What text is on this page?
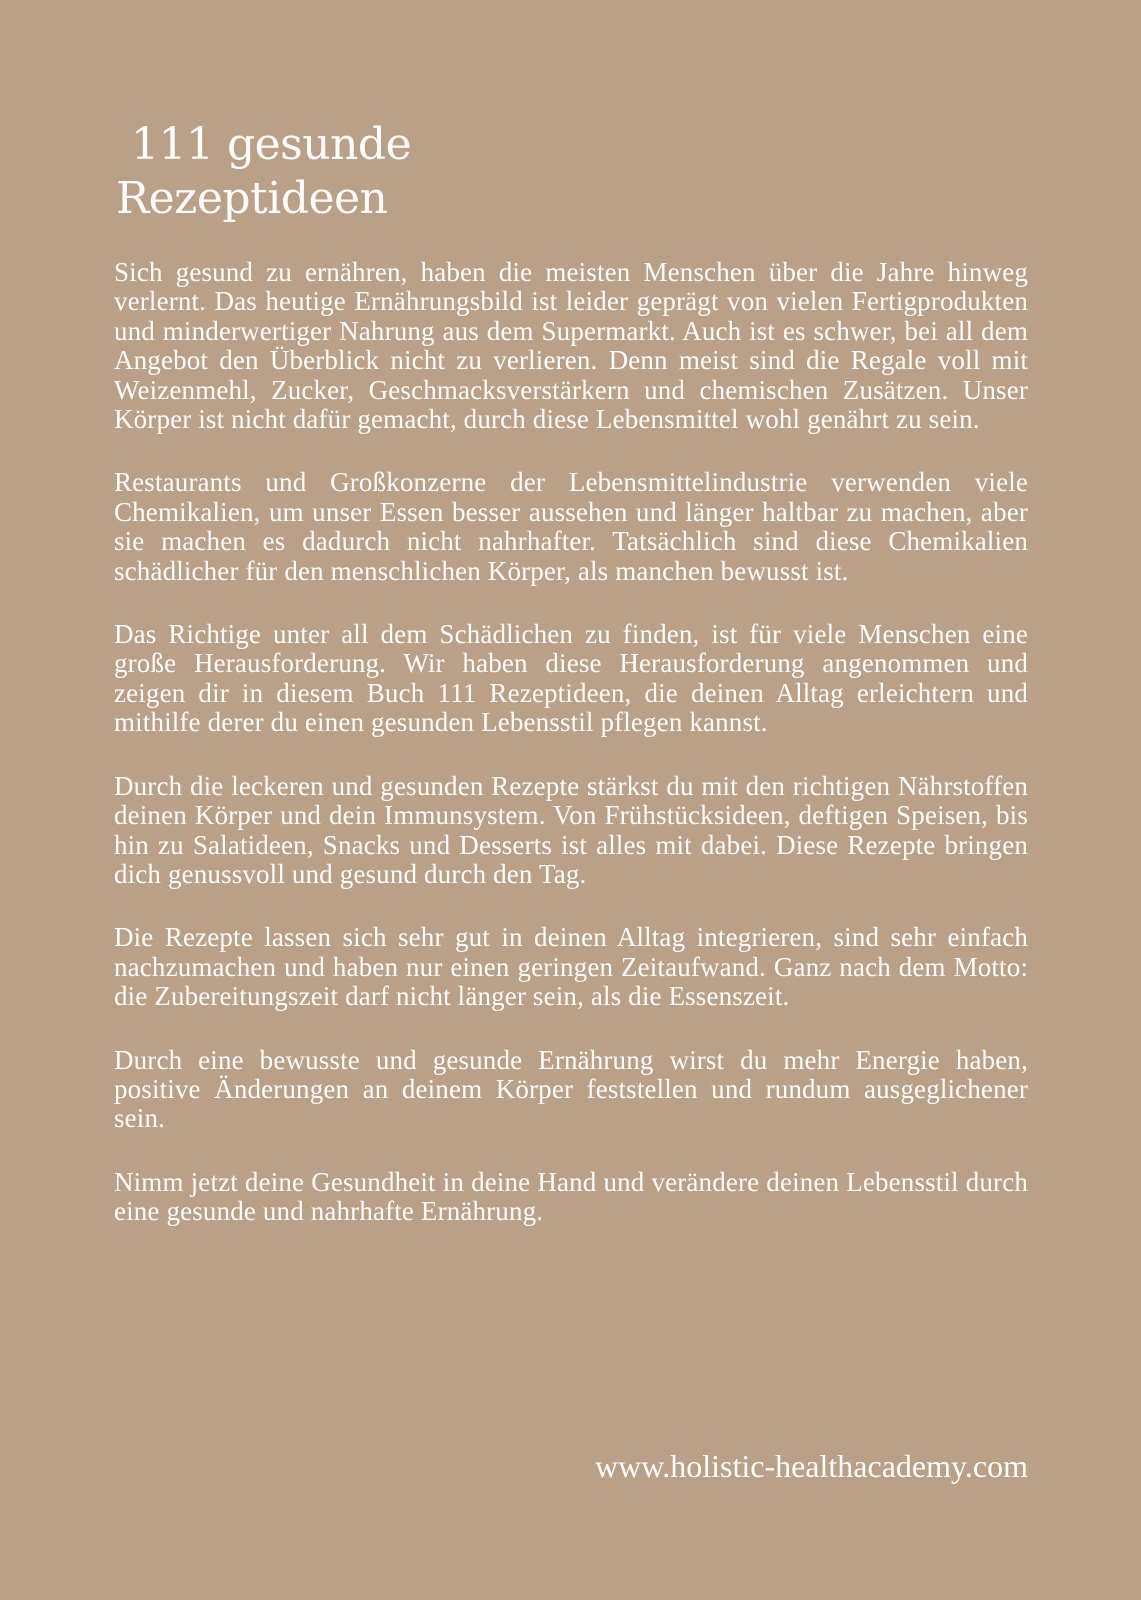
111 gesunde
Rezeptideen

Sich gesund zu ernähren, haben die meisten Menschen über die Jahre hinweg verlernt. Das heutige Ernährungsbild ist leider geprägt von vielen Fertigprodukten und minderwertiger Nahrung aus dem Supermarkt. Auch ist es schwer, bei all dem Angebot den Überblick nicht zu verlieren. Denn meist sind die Regale voll mit Weizenmehl, Zucker, Geschmacksverstärkern und chemischen Zusätzen. Unser Körper ist nicht dafür gemacht, durch diese Lebensmittel wohl genährt zu sein.

Restaurants und Großkonzerne der Lebensmittelindustrie verwenden viele Chemikalien, um unser Essen besser aussehen und länger haltbar zu machen, aber sie machen es dadurch nicht nahrhafter. Tatsächlich sind diese Chemikalien schädlicher für den menschlichen Körper, als manchen bewusst ist.

Das Richtige unter all dem Schädlichen zu finden, ist für viele Menschen eine große Herausforderung. Wir haben diese Herausforderung angenommen und zeigen dir in diesem Buch 111 Rezeptideen, die deinen Alltag erleichtern und mithilfe derer du einen gesunden Lebensstil pflegen kannst.

Durch die leckeren und gesunden Rezepte stärkst du mit den richtigen Nährstoffen deinen Körper und dein Immunsystem. Von Frühstücksideen, deftigen Speisen, bis hin zu Salatideen, Snacks und Desserts ist alles mit dabei. Diese Rezepte bringen dich genussvoll und gesund durch den Tag.

Die Rezepte lassen sich sehr gut in deinen Alltag integrieren, sind sehr einfach nachzumachen und haben nur einen geringen Zeitaufwand. Ganz nach dem Motto: die Zubereitungszeit darf nicht länger sein, als die Essenszeit.

Durch eine bewusste und gesunde Ernährung wirst du mehr Energie haben, positive Änderungen an deinem Körper feststellen und rundum ausgeglichener sein.

Nimm jetzt deine Gesundheit in deine Hand und verändere deinen Lebensstil durch eine gesunde und nahrhafte Ernährung.

www.holistic-healthacademy.com
